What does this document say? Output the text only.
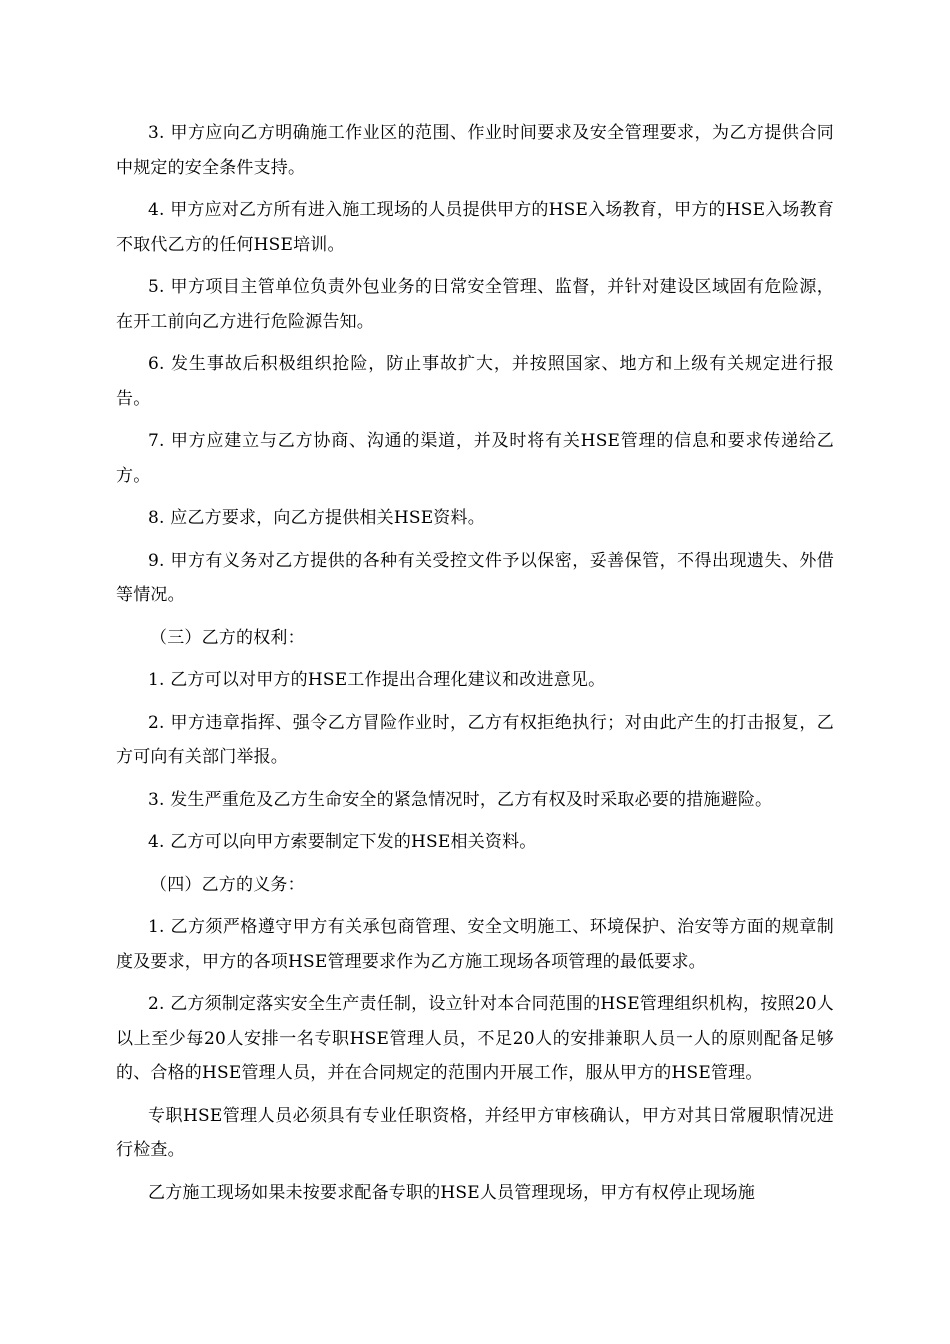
3. 甲方应向乙方明确施工作业区的范围、作业时间要求及安全管理要求，为乙方提供合同中规定的安全条件支持。

4. 甲方应对乙方所有进入施工现场的人员提供甲方的HSE入场教育，甲方的HSE入场教育不取代乙方的任何HSE培训。

5. 甲方项目主管单位负责外包业务的日常安全管理、监督，并针对建设区域固有危险源，在开工前向乙方进行危险源告知。

6. 发生事故后积极组织抢险，防止事故扩大，并按照国家、地方和上级有关规定进行报告。

7. 甲方应建立与乙方协商、沟通的渠道，并及时将有关HSE管理的信息和要求传递给乙方。

8. 应乙方要求，向乙方提供相关HSE资料。

9. 甲方有义务对乙方提供的各种有关受控文件予以保密，妥善保管，不得出现遗失、外借等情况。

（三）乙方的权利：

1. 乙方可以对甲方的HSE工作提出合理化建议和改进意见。

2. 甲方违章指挥、强令乙方冒险作业时，乙方有权拒绝执行；对由此产生的打击报复，乙方可向有关部门举报。

3. 发生严重危及乙方生命安全的紧急情况时，乙方有权及时采取必要的措施避险。

4. 乙方可以向甲方索要制定下发的HSE相关资料。

（四）乙方的义务：

1. 乙方须严格遵守甲方有关承包商管理、安全文明施工、环境保护、治安等方面的规章制度及要求，甲方的各项HSE管理要求作为乙方施工现场各项管理的最低要求。

2. 乙方须制定落实安全生产责任制，设立针对本合同范围的HSE管理组织机构，按照20人以上至少每20人安排一名专职HSE管理人员，不足20人的安排兼职人员一人的原则配备足够的、合格的HSE管理人员，并在合同规定的范围内开展工作，服从甲方的HSE管理。

专职HSE管理人员必须具有专业任职资格，并经甲方审核确认，甲方对其日常履职情况进行检查。

乙方施工现场如果未按要求配备专职的HSE人员管理现场，甲方有权停止现场施
